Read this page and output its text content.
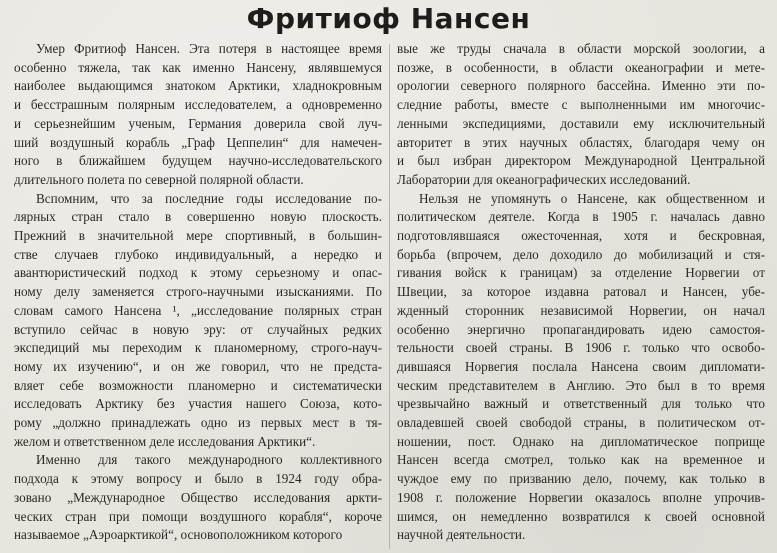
Фритиоф Нансен
Умер Фритиоф Нансен. Эта потеря в настоящее время
особенно тяжела, так как именно Нансену, являвшемуся
наиболее выдающимся знатоком Арктики, хладнокровным
и бесстрашным полярным исследователем, а одновременно
и серьезнейшим ученым, Германия доверила свой луч-
ший воздушный корабль „Граф Цеппелин“ для намечен-
ного в ближайшем будущем научно-исследовательского
длительного полета по северной полярной области.
Вспомним, что за последние годы исследование по-
лярных стран стало в совершенно новую плоскость.
Прежний в значительной мере спортивный, в большин-
стве случаев глубоко индивидуальный, а нередко и
авантюристический подход к этому серьезному и опас-
ному делу заменяется строго-научными изысканиями. По
словам самого Нансена ¹, „исследование полярных стран
вступило сейчас в новую эру: от случайных редких
экспедиций мы переходим к планомерному, строго-науч-
ному их изучению“, и он же говорил, что не предста-
вляет себе возможности планомерно и систематически
исследовать Арктику без участия нашего Союза, кото-
рому „должно принадлежать одно из первых мест в тя-
желом и ответственном деле исследования Арктики“.
Именно для такого международного коллективного
подхода к этому вопросу и было в 1924 году обра-
зовано „Международное Общество исследования аркти-
ческих стран при помощи воздушного корабля“, короче
называемое „Аэроарктикой“, основоположником которого
вые же труды сначала в области морской зоологии, а
позже, в особенности, в области океанографии и мете-
орологии северного полярного бассейна. Именно эти по-
следние работы, вместе с выполненными им многочис-
ленными экспедициями, доставили ему исключительный
авторитет в этих научных областях, благодаря чему он
и был избран директором Международной Центральной
Лаборатории для океанографических исследований.
Нельзя не упомянуть о Нансене, как общественном и
политическом деятеле. Когда в 1905 г. началась давно
подготовлявшаяся ожесточенная, хотя и бескровная,
борьба (впрочем, дело доходило до мобилизаций и стя-
гивания войск к границам) за отделение Норвегии от
Швеции, за которое издавна ратовал и Нансен, убе-
жденный сторонник независимой Норвегии, он начал
особенно энергично пропагандировать идею самостоя-
тельности своей страны. В 1906 г. только что освобо-
дившаяся Норвегия послала Нансена своим дипломати-
ческим представителем в Англию. Это был в то время
чрезвычайно важный и ответственный для только что
овладевшей своей свободой страны, в политическом от-
ношении, пост. Однако на дипломатическое поприще
Нансен всегда смотрел, только как на временное и
чуждое ему по призванию дело, почему, как только в
1908 г. положение Норвегии оказалось вполне упрочив-
шимся, он немедленно возвратился к своей основной
научной деятельности.
